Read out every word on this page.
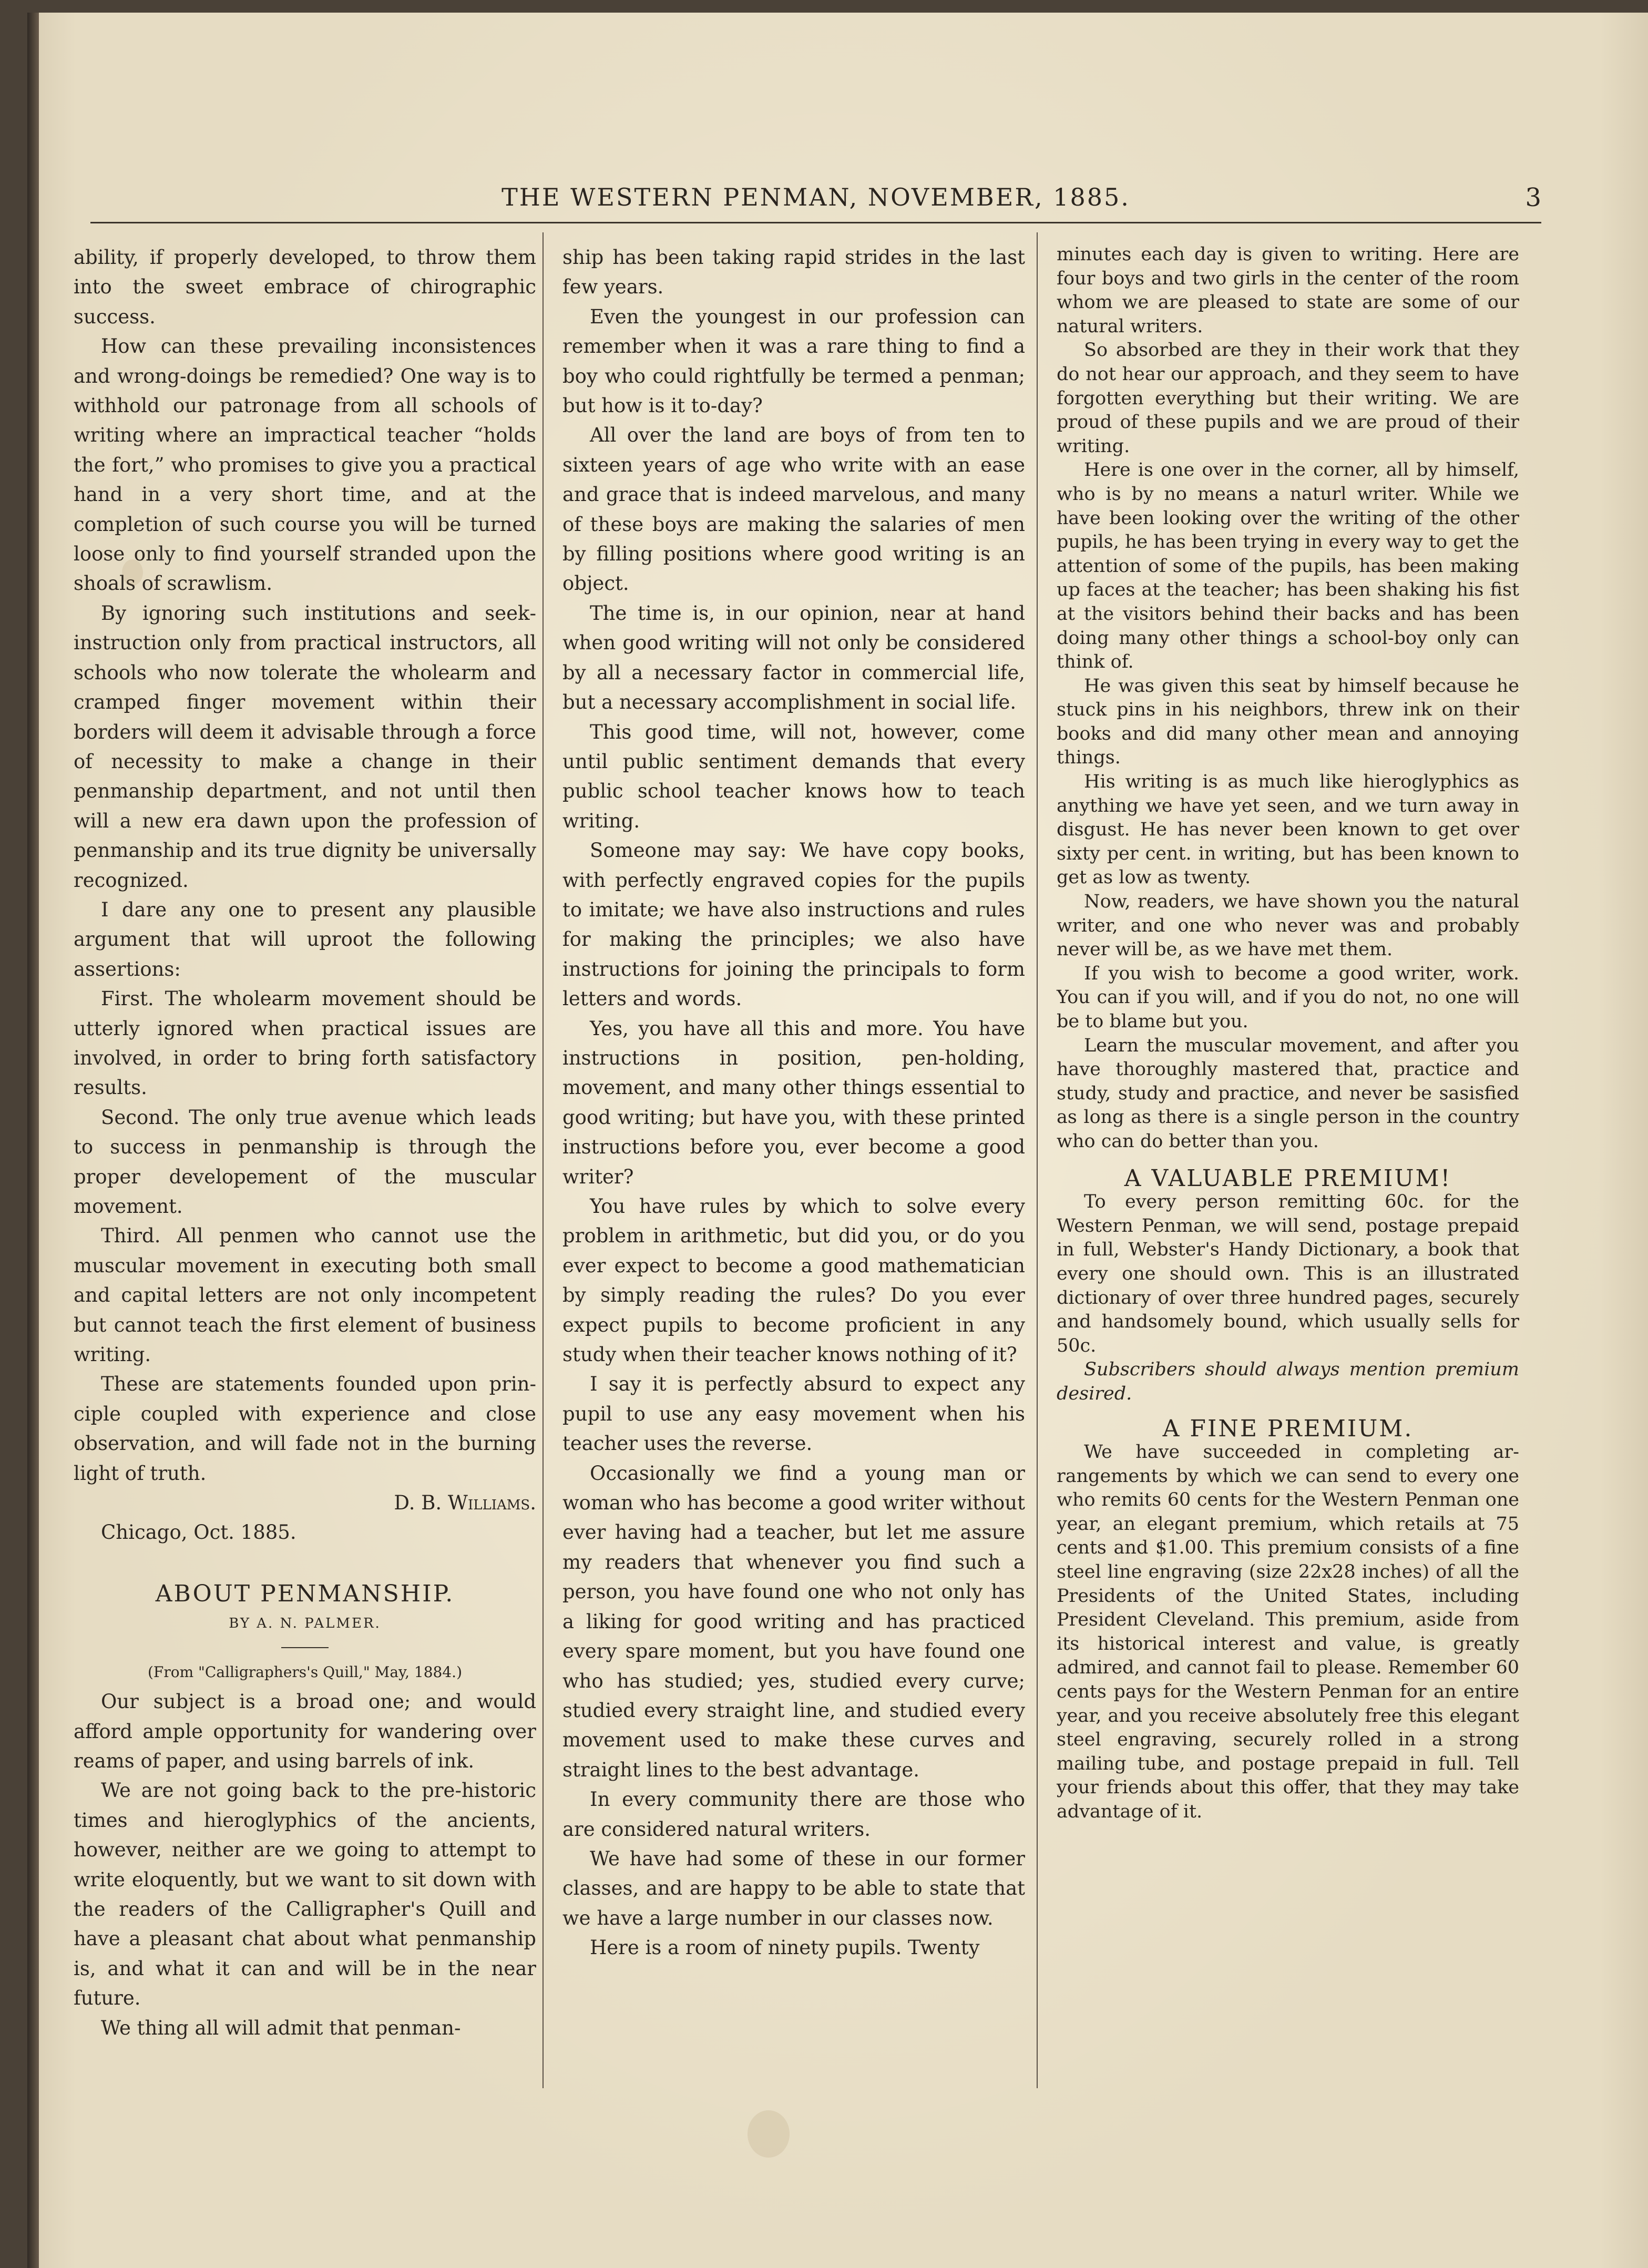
THE WESTERN PENMAN, NOVEMBER, 1885.	3

ability, if properly developed, to throw them into the sweet embrace of chirographic success.

How can these prevailing inconsistences and wrong-doings be remedied? One way is to withhold our patronage from all schools of writing where an impractical teacher “holds the fort,” who promises to give you a practical hand in a very short time, and at the completion of such course you will be turned loose only to find yourself stranded upon the shoals of scrawlism.

By ignoring such institutions and seekinstruction only from practical instructors, all schools who now tolerate the wholearm and cramped finger movement within their borders will deem it advisable through a force of necessity to make a change in their penmanship department, and not until then will a new era dawn upon the profession of penmanship and its true dignity be universally recognized.

I dare any one to present any plausible argument that will uproot the following assertions:

First. The wholearm movement should be utterly ignored when practical issues are involved, in order to bring forth satisfactory results.

Second. The only true avenue which leads to success in penmanship is through the proper developement of the muscular movement.

Third. All penmen who cannot use the muscular movement in executing both small and capital letters are not only incompetent but cannot teach the first element of business writing.

These are statements founded upon principle coupled with experience and close observation, and will fade not in the burning light of truth.

D. B. Williams.

Chicago, Oct. 1885.

ABOUT PENMANSHIP.

BY A. N. PALMER.

(From "Calligraphers's Quill," May, 1884.)

Our subject is a broad one; and would afford ample opportunity for wandering over reams of paper, and using barrels of ink.

We are not going back to the pre-historic times and hieroglyphics of the ancients, however, neither are we going to attempt to write eloquently, but we want to sit down with the readers of the Calligrapher's Quill and have a pleasant chat about what penmanship is, and what it can and will be in the near future.

We thing all will admit that penman-

ship has been taking rapid strides in the last few years.

Even the youngest in our profession can remember when it was a rare thing to find a boy who could rightfully be termed a penman; but how is it to-day?

All over the land are boys of from ten to sixteen years of age who write with an ease and grace that is indeed marvelous, and many of these boys are making the salaries of men by filling positions where good writing is an object.

The time is, in our opinion, near at hand when good writing will not only be considered by all a necessary factor in commercial life, but a necessary accomplishment in social life.

This good time, will not, however, come until public sentiment demands that every public school teacher knows how to teach writing.

Someone may say: We have copy books, with perfectly engraved copies for the pupils to imitate; we have also instructions and rules for making the principles; we also have instructions for joining the principals to form letters and words.

Yes, you have all this and more. You have instructions in position, pen-holding, movement, and many other things essential to good writing; but have you, with these printed instructions before you, ever become a good writer?

You have rules by which to solve every problem in arithmetic, but did you, or do you ever expect to become a good mathematician by simply reading the rules? Do you ever expect pupils to become proficient in any study when their teacher knows nothing of it?

I say it is perfectly absurd to expect any pupil to use any easy movement when his teacher uses the reverse.

Occasionally we find a young man or woman who has become a good writer without ever having had a teacher, but let me assure my readers that whenever you find such a person, you have found one who not only has a liking for good writing and has practiced every spare moment, but you have found one who has studied; yes, studied every curve; studied every straight line, and studied every movement used to make these curves and straight lines to the best advantage.

In every community there are those who are considered natural writers.

We have had some of these in our former classes, and are happy to be able to state that we have a large number in our classes now.

Here is a room of ninety pupils. Twenty

minutes each day is given to writing. Here are four boys and two girls in the center of the room whom we are pleased to state are some of our natural writers.

So absorbed are they in their work that they do not hear our approach, and they seem to have forgotten everything but their writing. We are proud of these pupils and we are proud of their writing.

Here is one over in the corner, all by himself, who is by no means a naturl writer. While we have been looking over the writing of the other pupils, he has been trying in every way to get the attention of some of the pupils, has been making up faces at the teacher; has been shaking his fist at the visitors behind their backs and has been doing many other things a school-boy only can think of.

He was given this seat by himself because he stuck pins in his neighbors, threw ink on their books and did many other mean and annoying things.

His writing is as much like hieroglyphics as anything we have yet seen, and we turn away in disgust. He has never been known to get over sixty per cent. in writing, but has been known to get as low as twenty.

Now, readers, we have shown you the natural writer, and one who never was and probably never will be, as we have met them.

If you wish to become a good writer, work. You can if you will, and if you do not, no one will be to blame but you.

Learn the muscular movement, and after you have thoroughly mastered that, practice and study, study and practice, and never be sasisfied as long as there is a single person in the country who can do better than you.

A VALUABLE PREMIUM!

To every person remitting 60c. for the Western Penman, we will send, postage prepaid in full, Webster's Handy Dictionary, a book that every one should own. This is an illustrated dictionary of over three hundred pages, securely and handsomely bound, which usually sells for 50c.

Subscribers should always mention premium desired.

A FINE PREMIUM.

We have succeeded in completing arrangements by which we can send to every one who remits 60 cents for the Western Penman one year, an elegant premium, which retails at 75 cents and $1.00. This premium consists of a fine steel line engraving (size 22x28 inches) of all the Presidents of the United States, including President Cleveland. This premium, aside from its historical interest and value, is greatly admired, and cannot fail to please. Remember 60 cents pays for the Western Penman for an entire year, and you receive absolutely free this elegant steel engraving, securely rolled in a strong mailing tube, and postage prepaid in full. Tell your friends about this offer, that they may take advantage of it.
